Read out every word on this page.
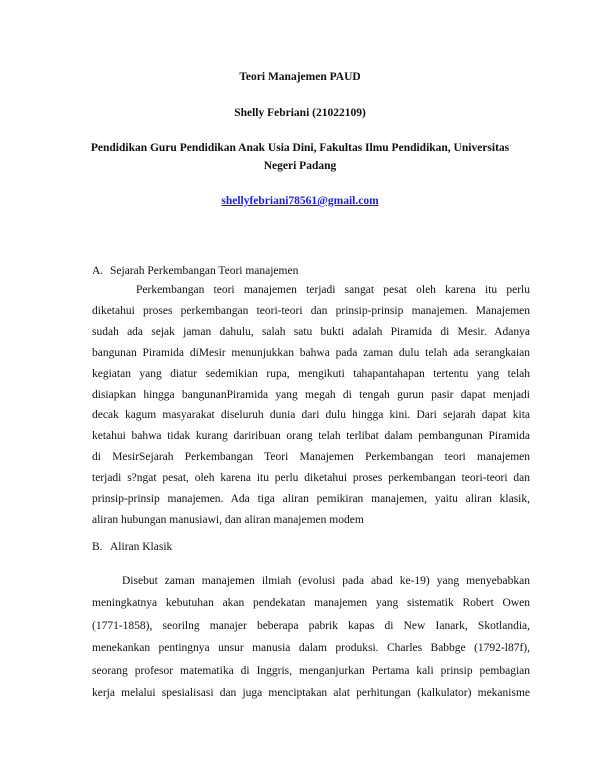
Teori Manajemen PAUD
Shelly Febriani (21022109)
Pendidikan Guru Pendidikan Anak Usia Dini, Fakultas Ilmu Pendidikan, Universitas
Negeri Padang
shellyfebriani78561@gmail.com
A. Sejarah Perkembangan Teori manajemen
Perkembangan teori manajemen terjadi sangat pesat oleh karena itu perlu
diketahui proses perkembangan teori-teori dan prinsip-prinsip manajemen. Manajemen
sudah ada sejak jaman dahulu, salah satu bukti adalah Piramida di Mesir. Adanya
bangunan Piramida diMesir menunjukkan bahwa pada zaman dulu telah ada serangkaian
kegiatan yang diatur sedemikian rupa, mengikuti tahapantahapan tertentu yang telah
disiapkan hingga bangunanPiramida yang megah di tengah gurun pasir dapat menjadi
decak kagum masyarakat diseluruh dunia dari dulu hingga kini. Dari sejarah dapat kita
ketahui bahwa tidak kurang dariribuan orang telah terlibat dalam pembangunan Piramida
di MesirSejarah Perkembangan Teori Manajemen Perkembangan teori manajemen
terjadi s?ngat pesat, oleh karena itu perlu diketahui proses perkembangan teori-teori dan
prinsip-prinsip manajemen. Ada tiga aliran pemikiran manajemen, yaitu aliran klasik,
aliran hubungan manusiawi, dan aliran manajemen modem
B. Aliran Klasik
Disebut zaman manajemen ilmiah (evolusi pada abad ke-19) yang menyebabkan
meningkatnya kebutuhan akan pendekatan manajemen yang sistematik Robert Owen
(1771-1858), seorilng manajer beberapa pabrik kapas di New Ianark, Skotlandia,
menekankan pentingnya unsur manusia dalam produksi. Charles Babbge (1792-l87f),
seorang profesor matematika di Inggris, menganjurkan Pertama kali prinsip pembagian
kerja melalui spesialisasi dan juga menciptakan alat perhitungan (kalkulator) mekanisme
